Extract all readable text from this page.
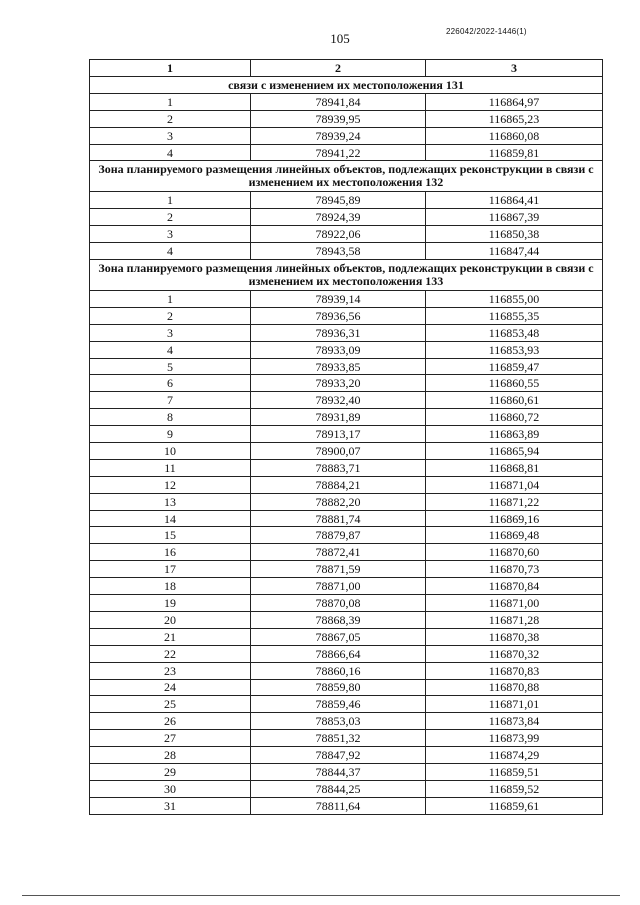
105	226042/2022-1446(1)
1	2	3
связи с изменением их местоположения 131		
1	78941,84	116864,97
2	78939,95	116865,23
3	78939,24	116860,08
4	78941,22	116859,81
Зона планируемого размещения линейных объектов, подлежащих реконструкции в связи с изменением их местоположения 132		
1	78945,89	116864,41
2	78924,39	116867,39
3	78922,06	116850,38
4	78943,58	116847,44
Зона планируемого размещения линейных объектов, подлежащих реконструкции в связи с изменением их местоположения 133		
1	78939,14	116855,00
2	78936,56	116855,35
3	78936,31	116853,48
4	78933,09	116853,93
5	78933,85	116859,47
6	78933,20	116860,55
7	78932,40	116860,61
8	78931,89	116860,72
9	78913,17	116863,89
10	78900,07	116865,94
11	78883,71	116868,81
12	78884,21	116871,04
13	78882,20	116871,22
14	78881,74	116869,16
15	78879,87	116869,48
16	78872,41	116870,60
17	78871,59	116870,73
18	78871,00	116870,84
19	78870,08	116871,00
20	78868,39	116871,28
21	78867,05	116870,38
22	78866,64	116870,32
23	78860,16	116870,83
24	78859,80	116870,88
25	78859,46	116871,01
26	78853,03	116873,84
27	78851,32	116873,99
28	78847,92	116874,29
29	78844,37	116859,51
30	78844,25	116859,52
31	78811,64	116859,61
